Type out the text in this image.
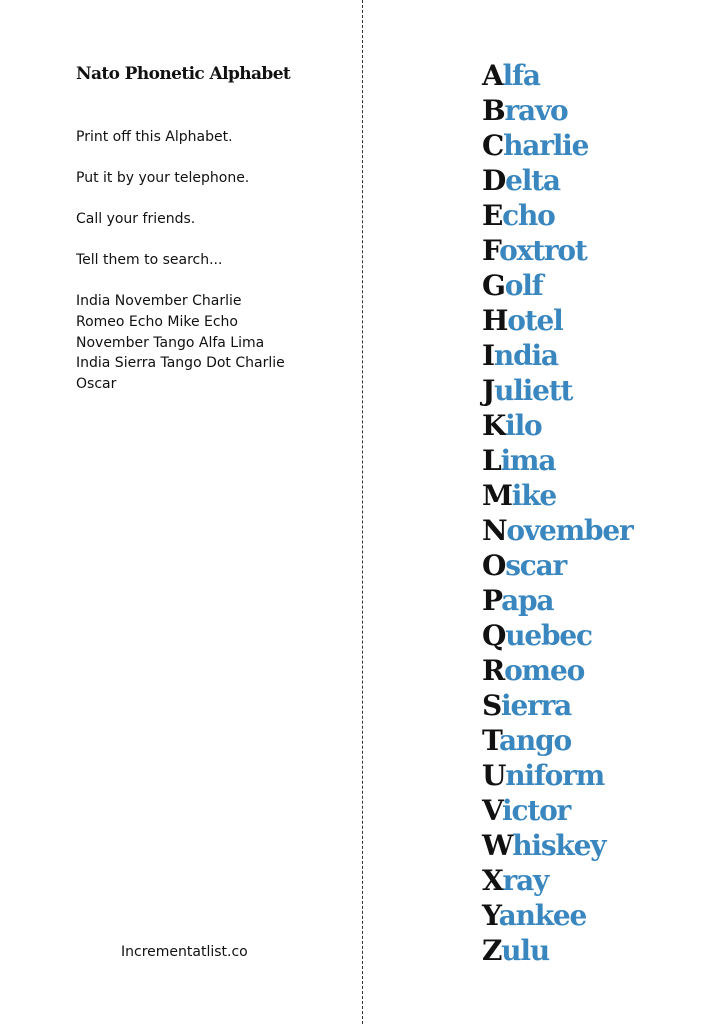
Nato Phonetic Alphabet
Print off this Alphabet.
Put it by your telephone.
Call your friends.
Tell them to search...
India November Charlie
Romeo Echo Mike Echo
November Tango Alfa Lima
India Sierra Tango Dot Charlie
Oscar
Incrementatlist.co
Alfa
Bravo
Charlie
Delta
Echo
Foxtrot
Golf
Hotel
India
Juliett
Kilo
Lima
Mike
November
Oscar
Papa
Quebec
Romeo
Sierra
Tango
Uniform
Victor
Whiskey
Xray
Yankee
Zulu
